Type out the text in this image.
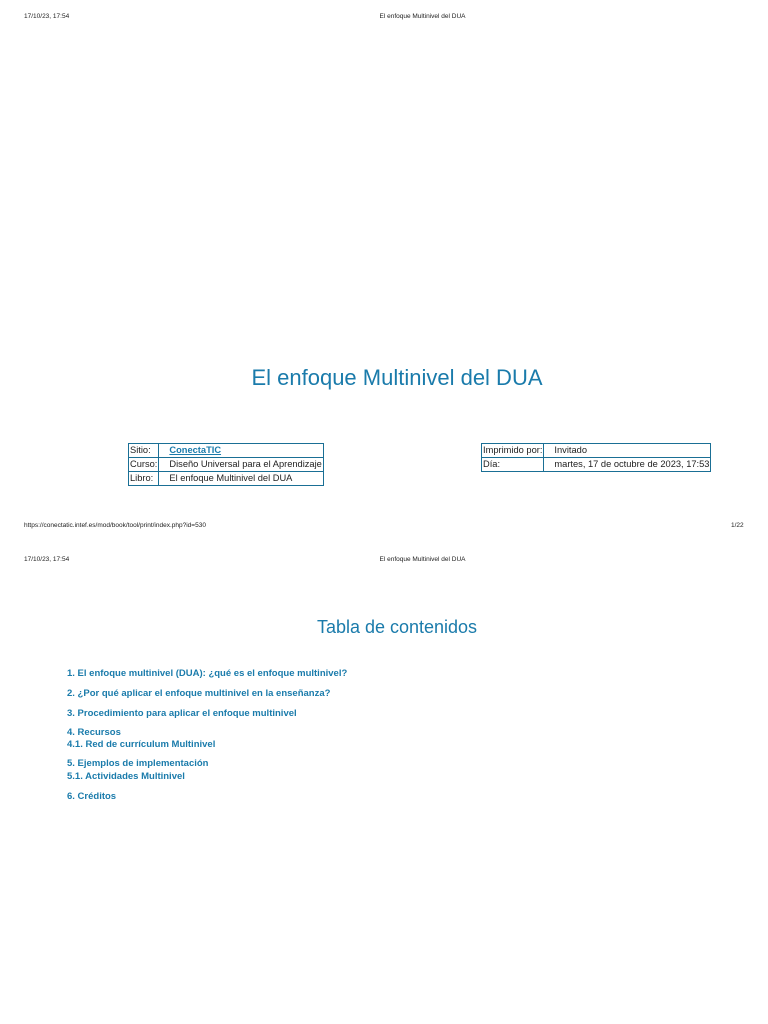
17/10/23, 17:54	El enfoque Multinivel del DUA
El enfoque Multinivel del DUA
Sitio:	ConectaTIC
Curso:	Diseño Universal para el Aprendizaje
Libro:	El enfoque Multinivel del DUA
Imprimido por:	Invitado
Día:	martes, 17 de octubre de 2023, 17:53
https://conectatic.intef.es/mod/book/tool/print/index.php?id=530	1/22
17/10/23, 17:54	El enfoque Multinivel del DUA
Tabla de contenidos
1. El enfoque multinivel (DUA): ¿qué es el enfoque multinivel?
2. ¿Por qué aplicar el enfoque multinivel en la enseñanza?
3. Procedimiento para aplicar el enfoque multinivel
4. Recursos
4.1. Red de currículum Multinivel
5. Ejemplos de implementación
5.1. Actividades Multinivel
6. Créditos
